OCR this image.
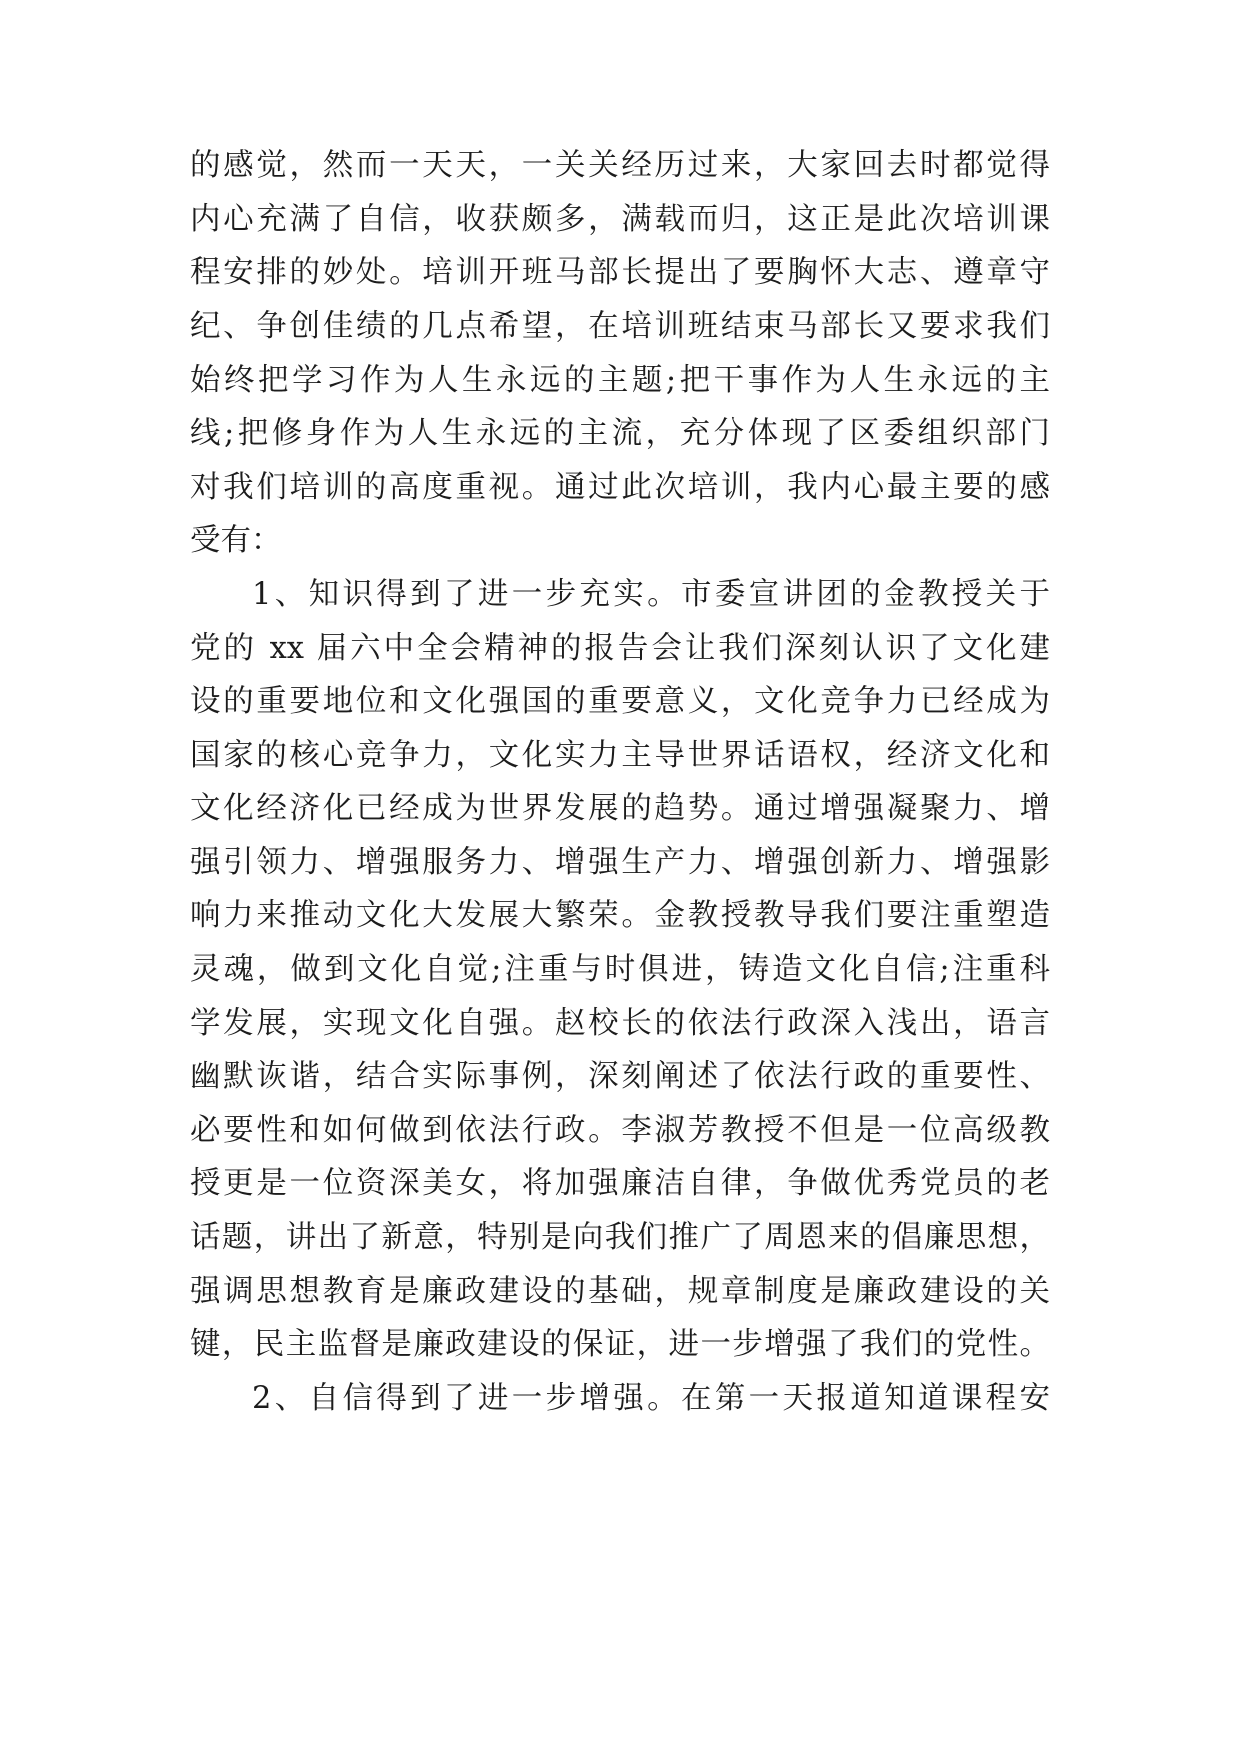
的感觉，然而一天天，一关关经历过来，大家回去时都觉得
内心充满了自信，收获颇多，满载而归，这正是此次培训课
程安排的妙处。培训开班马部长提出了要胸怀大志、遵章守
纪、争创佳绩的几点希望，在培训班结束马部长又要求我们
始终把学习作为人生永远的主题;把干事作为人生永远的主
线;把修身作为人生永远的主流，充分体现了区委组织部门
对我们培训的高度重视。通过此次培训，我内心最主要的感
受有：
1、知识得到了进一步充实。市委宣讲团的金教授关于
党的 xx 届六中全会精神的报告会让我们深刻认识了文化建
设的重要地位和文化强国的重要意义，文化竞争力已经成为
国家的核心竞争力，文化实力主导世界话语权，经济文化和
文化经济化已经成为世界发展的趋势。通过增强凝聚力、增
强引领力、增强服务力、增强生产力、增强创新力、增强影
响力来推动文化大发展大繁荣。金教授教导我们要注重塑造
灵魂，做到文化自觉;注重与时俱进，铸造文化自信;注重科
学发展，实现文化自强。赵校长的依法行政深入浅出，语言
幽默诙谐，结合实际事例，深刻阐述了依法行政的重要性、
必要性和如何做到依法行政。李淑芳教授不但是一位高级教
授更是一位资深美女，将加强廉洁自律，争做优秀党员的老
话题，讲出了新意，特别是向我们推广了周恩来的倡廉思想，
强调思想教育是廉政建设的基础，规章制度是廉政建设的关
键，民主监督是廉政建设的保证，进一步增强了我们的党性。
2、自信得到了进一步增强。在第一天报道知道课程安
